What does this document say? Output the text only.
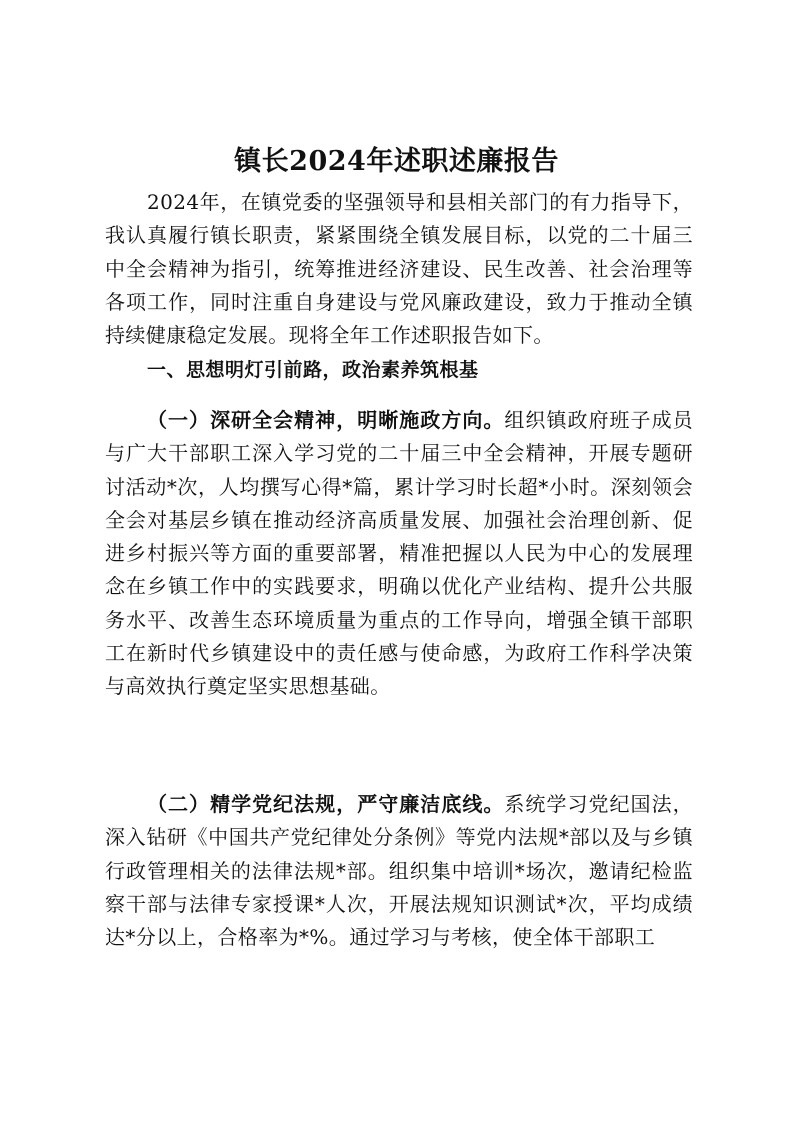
镇长2024年述职述廉报告

2024年，在镇党委的坚强领导和县相关部门的有力指导下，我认真履行镇长职责，紧紧围绕全镇发展目标，以党的二十届三中全会精神为指引，统筹推进经济建设、民生改善、社会治理等各项工作，同时注重自身建设与党风廉政建设，致力于推动全镇持续健康稳定发展。现将全年工作述职报告如下。

一、思想明灯引前路，政治素养筑根基

（一）深研全会精神，明晰施政方向。组织镇政府班子成员与广大干部职工深入学习党的二十届三中全会精神，开展专题研讨活动*次，人均撰写心得*篇，累计学习时长超*小时。深刻领会全会对基层乡镇在推动经济高质量发展、加强社会治理创新、促进乡村振兴等方面的重要部署，精准把握以人民为中心的发展理念在乡镇工作中的实践要求，明确以优化产业结构、提升公共服务水平、改善生态环境质量为重点的工作导向，增强全镇干部职工在新时代乡镇建设中的责任感与使命感，为政府工作科学决策与高效执行奠定坚实思想基础。

（二）精学党纪法规，严守廉洁底线。系统学习党纪国法，深入钻研《中国共产党纪律处分条例》等党内法规*部以及与乡镇行政管理相关的法律法规*部。组织集中培训*场次，邀请纪检监察干部与法律专家授课*人次，开展法规知识测试*次，平均成绩达*分以上，合格率为*%。通过学习与考核，使全体干部职工
